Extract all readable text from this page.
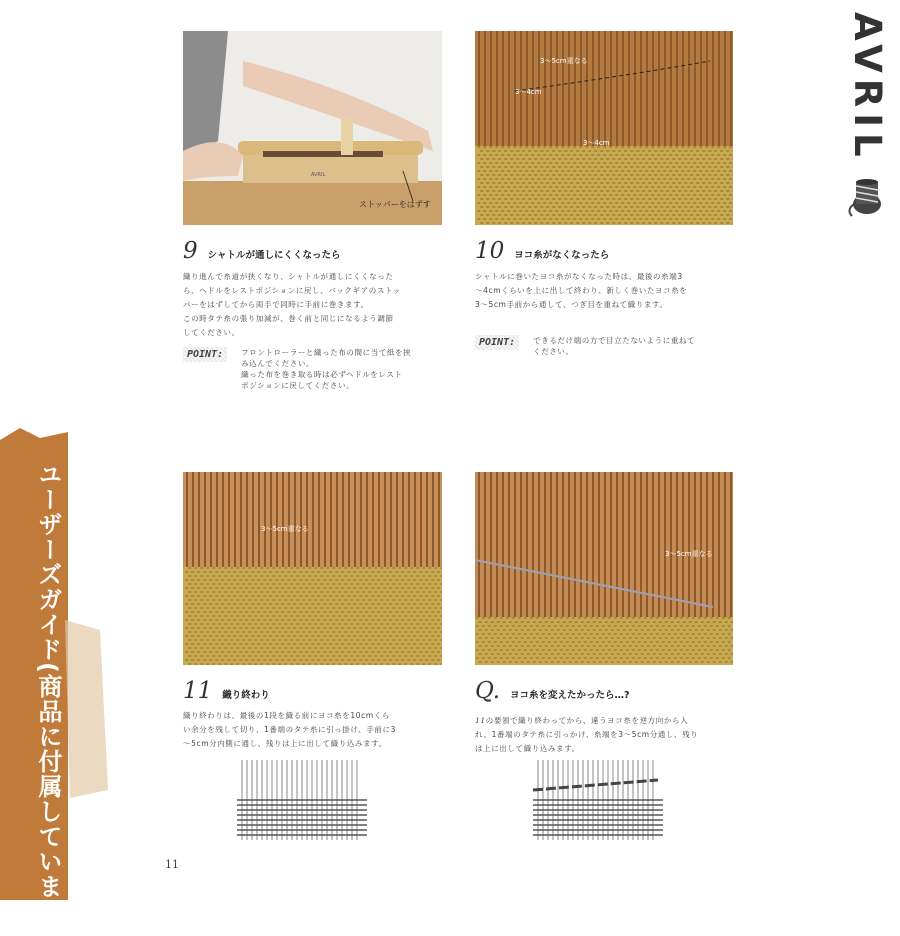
AVRIL
ユーザーズガイド(商品に付属しています)
AVRIL
ストッパーをはずす
3〜5cm重なる
3〜4cm
3〜4cm
3〜5cm重なる
3〜5cm重なる
9 シャトルが通しにくくなったら
織り進んで糸道が狭くなり、シャトルが通しにくくなった
ら、ヘドルをレストポジションに戻し、バックギアのストッ
パーをはずしてから両手で同時に手前に巻きます。
この時タテ糸の張り加減が、巻く前と同じになるよう調節
してください。
POINT:	フロントローラーと織った布の間に当て紙を挟
み込んでください。
織った布を巻き取る時は必ずヘドルをレスト
ポジションに戻してください。
10 ヨコ糸がなくなったら
シャトルに巻いたヨコ糸がなくなった時は、最後の糸端3
〜4cmくらいを上に出して終わり、新しく巻いたヨコ糸を
3〜5cm手前から通して、つぎ目を重ねて織ります。
POINT:	できるだけ端の方で目立たないように重ねて
ください。
11 織り終わり
織り終わりは、最後の1段を織る前にヨコ糸を10cmくら
い余分を残して切り、1番端のタテ糸に引っ掛け、手前に3
〜5cm分内側に通し、残りは上に出して織り込みます。
Q. ヨコ糸を変えたかったら…?
11の要領で織り終わってから、違うヨコ糸を逆方向から入
れ、1番端のタテ糸に引っかけ、糸端を3〜5cm分通し、残り
は上に出して織り込みます。
11
